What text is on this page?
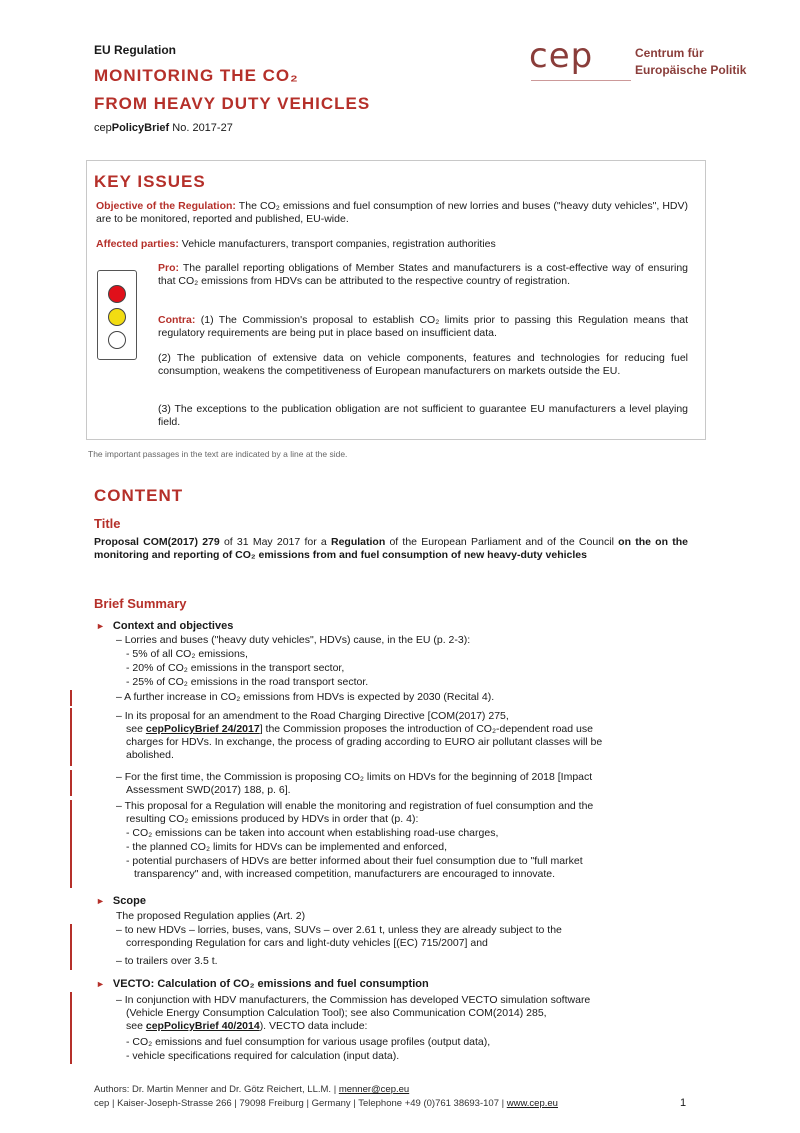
EU Regulation
MONITORING THE CO₂
FROM HEAVY DUTY VEHICLES
cepPolicyBrief No. 2017-27
cep	Centrum für
Europäische Politik
KEY ISSUES
Objective of the Regulation: The CO₂ emissions and fuel consumption of new lorries and buses ("heavy duty vehicles", HDV) are to be monitored, reported and published, EU-wide.
Affected parties: Vehicle manufacturers, transport companies, registration authorities
Pro: The parallel reporting obligations of Member States and manufacturers is a cost-effective way of ensuring that CO₂ emissions from HDVs can be attributed to the respective country of registration.
Contra: (1) The Commission's proposal to establish CO₂ limits prior to passing this Regulation means that regulatory requirements are being put in place based on insufficient data.
(2) The publication of extensive data on vehicle components, features and technologies for reducing fuel consumption, weakens the competitiveness of European manufacturers on markets outside the EU.
(3) The exceptions to the publication obligation are not sufficient to guarantee EU manufacturers a level playing field.
The important passages in the text are indicated by a line at the side.
CONTENT
Title
Proposal COM(2017) 279 of 31 May 2017 for a Regulation of the European Parliament and of the Council on the on the monitoring and reporting of CO₂ emissions from and fuel consumption of new heavy-duty vehicles
Brief Summary
► Context and objectives
– Lorries and buses ("heavy duty vehicles", HDVs) cause, in the EU (p. 2-3):
- 5% of all CO₂ emissions,
- 20% of CO₂ emissions in the transport sector,
- 25% of CO₂ emissions in the road transport sector.
– A further increase in CO₂ emissions from HDVs is expected by 2030 (Recital 4).
– In its proposal for an amendment to the Road Charging Directive [COM(2017) 275,
see cepPolicyBrief 24/2017] the Commission proposes the introduction of CO₂-dependent road use
charges for HDVs. In exchange, the process of grading according to EURO air pollutant classes will be
abolished.
– For the first time, the Commission is proposing CO₂ limits on HDVs for the beginning of 2018 [Impact
Assessment SWD(2017) 188, p. 6].
– This proposal for a Regulation will enable the monitoring and registration of fuel consumption and the
resulting CO₂ emissions produced by HDVs in order that (p. 4):
- CO₂ emissions can be taken into account when establishing road-use charges,
- the planned CO₂ limits for HDVs can be implemented and enforced,
- potential purchasers of HDVs are better informed about their fuel consumption due to "full market
transparency" and, with increased competition, manufacturers are encouraged to innovate.
► Scope
The proposed Regulation applies (Art. 2)
– to new HDVs – lorries, buses, vans, SUVs – over 2.61 t, unless they are already subject to the
corresponding Regulation for cars and light-duty vehicles [(EC) 715/2007] and
– to trailers over 3.5 t.
► VECTO: Calculation of CO₂ emissions and fuel consumption
– In conjunction with HDV manufacturers, the Commission has developed VECTO simulation software
(Vehicle Energy Consumption Calculation Tool); see also Communication COM(2014) 285,
see cepPolicyBrief 40/2014). VECTO data include:
- CO₂ emissions and fuel consumption for various usage profiles (output data),
- vehicle specifications required for calculation (input data).
Authors: Dr. Martin Menner and Dr. Götz Reichert, LL.M. | menner@cep.eu
cep | Kaiser-Joseph-Strasse 266 | 79098 Freiburg | Germany | Telephone +49 (0)761 38693-107 | www.cep.eu	1
